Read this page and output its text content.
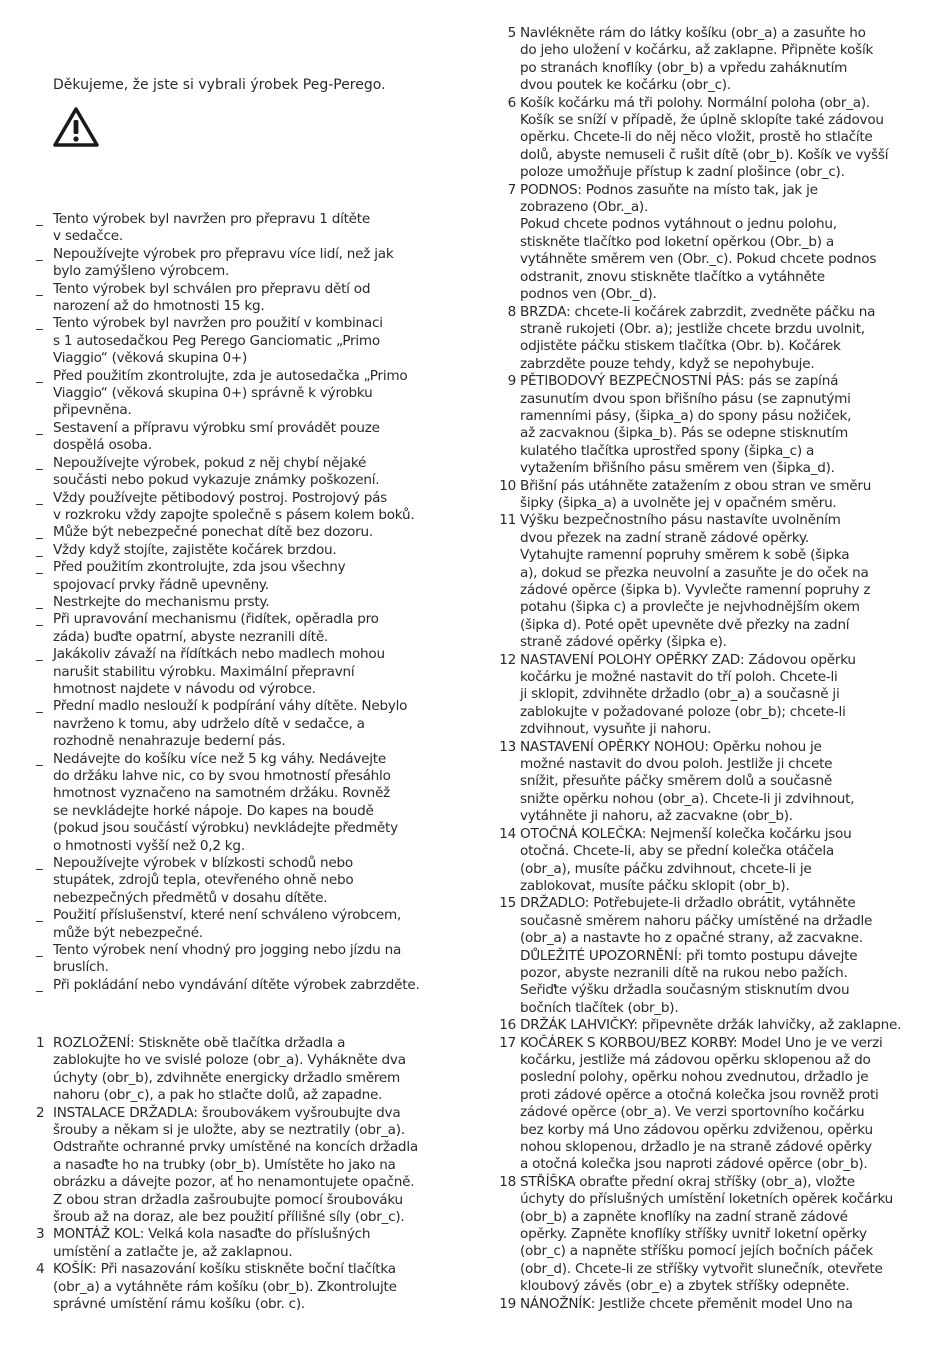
Děkujeme, že jste si vybrali ýrobek Peg-Perego.
_ Tento výrobek byl navržen pro přepravu 1 dítěte
v sedačce.
_ Nepoužívejte výrobek pro přepravu více lidí, než jak
bylo zamýšleno výrobcem.
_ Tento výrobek byl schválen pro přepravu dětí od
narození až do hmotnosti 15 kg.
_ Tento výrobek byl navržen pro použití v kombinaci
s 1 autosedačkou Peg Perego Ganciomatic „Primo
Viaggio“ (věková skupina 0+)
_ Před použitím zkontrolujte, zda je autosedačka „Primo
Viaggio“ (věková skupina 0+) správně k výrobku
připevněna.
_ Sestavení a přípravu výrobku smí provádět pouze
dospělá osoba.
_ Nepoužívejte výrobek, pokud z něj chybí nějaké
součásti nebo pokud vykazuje známky poškození.
_ Vždy používejte pětibodový postroj. Postrojový pás
v rozkroku vždy zapojte společně s pásem kolem boků.
_ Může být nebezpečné ponechat dítě bez dozoru.
_ Vždy když stojíte, zajistěte kočárek brzdou.
_ Před použitím zkontrolujte, zda jsou všechny
spojovací prvky řádně upevněny.
_ Nestrkejte do mechanismu prsty.
_ Při upravování mechanismu (řidítek, opěradla pro
záda) buďte opatrní, abyste nezranili dítě.
_ Jakákoliv závaží na řídítkách nebo madlech mohou
narušit stabilitu výrobku. Maximální přepravní
hmotnost najdete v návodu od výrobce.
_ Přední madlo neslouží k podpírání váhy dítěte. Nebylo
navrženo k tomu, aby udrželo dítě v sedačce, a
rozhodně nenahrazuje bederní pás.
_ Nedávejte do košíku více než 5 kg váhy. Nedávejte
do držáku lahve nic, co by svou hmotností přesáhlo
hmotnost vyznačeno na samotném držáku. Rovněž
se nevkládejte horké nápoje. Do kapes na boudě
(pokud jsou součástí výrobku) nevkládejte předměty
o hmotnosti vyšší než 0,2 kg.
_ Nepoužívejte výrobek v blízkosti schodů nebo
stupátek, zdrojů tepla, otevřeného ohně nebo
nebezpečných předmětů v dosahu dítěte.
_ Použití příslušenství, které není schváleno výrobcem,
může být nebezpečné.
_ Tento výrobek není vhodný pro jogging nebo jízdu na
bruslích.
_ Při pokládání nebo vyndávání dítěte výrobek zabrzděte.
1 ROZLOŽENÍ: Stiskněte obě tlačítka držadla a
zablokujte ho ve svislé poloze (obr_a). Vyhákněte dva
úchyty (obr_b), zdvihněte energicky držadlo směrem
nahoru (obr_c), a pak ho stlačte dolů, až zapadne.
2 INSTALACE DRŽADLA: šroubovákem vyšroubujte dva
šrouby a někam si je uložte, aby se neztratily (obr_a).
Odstraňte ochranné prvky umístěné na koncích držadla
a nasaďte ho na trubky (obr_b). Umístěte ho jako na
obrázku a dávejte pozor, ať ho nenamontujete opačně.
Z obou stran držadla zašroubujte pomocí šroubováku
šroub až na doraz, ale bez použití přílišné síly (obr_c).
3 MONTÁŽ KOL: Velká kola nasaďte do příslušných
umístění a zatlačte je, až zaklapnou.
4 KOŠÍK: Při nasazování košíku stiskněte boční tlačítka
(obr_a) a vytáhněte rám košíku (obr_b). Zkontrolujte
správné umístění rámu košíku (obr. c).
5 Navlékněte rám do látky košíku (obr_a) a zasuňte ho
do jeho uložení v kočárku, až zaklapne. Připněte košík
po stranách knoflíky (obr_b) a vpředu zaháknutím
dvou poutek ke kočárku (obr_c).
6 Košík kočárku má tři polohy. Normální poloha (obr_a).
Košík se sníží v případě, že úplně sklopíte také zádovou
opěrku. Chcete-li do něj něco vložit, prostě ho stlačíte
dolů, abyste nemuseli č rušit dítě (obr_b). Košík ve vyšší
poloze umožňuje přístup k zadní plošince (obr_c).
7 PODNOS: Podnos zasuňte na místo tak, jak je
zobrazeno (Obr._a).
Pokud chcete podnos vytáhnout o jednu polohu,
stiskněte tlačítko pod loketní opěrkou (Obr._b) a
vytáhněte směrem ven (Obr._c). Pokud chcete podnos
odstranit, znovu stiskněte tlačítko a vytáhněte
podnos ven (Obr._d).
8 BRZDA: chcete-li kočárek zabrzdit, zvedněte páčku na
straně rukojeti (Obr. a); jestliže chcete brzdu uvolnit,
odjistěte páčku stiskem tlačítka (Obr. b). Kočárek
zabrzděte pouze tehdy, když se nepohybuje.
9 PĚTIBODOVÝ BEZPEČNOSTNÍ PÁS: pás se zapíná
zasunutím dvou spon břišního pásu (se zapnutými
ramenními pásy, (šipka_a) do spony pásu nožiček,
až zacvaknou (šipka_b). Pás se odepne stisknutím
kulatého tlačítka uprostřed spony (šipka_c) a
vytažením břišního pásu směrem ven (šipka_d).
10 Břišní pás utáhněte zatažením z obou stran ve směru
šipky (šipka_a) a uvolněte jej v opačném směru.
11 Výšku bezpečnostního pásu nastavíte uvolněním
dvou přezek na zadní straně zádové opěrky.
Vytahujte ramenní popruhy směrem k sobě (šipka
a), dokud se přezka neuvolní a zasuňte je do oček na
zádové opěrce (šipka b). Vyvlečte ramenní popruhy z
potahu (šipka c) a provlečte je nejvhodnějším okem
(šipka d). Poté opět upevněte dvě přezky na zadní
straně zádové opěrky (šipka e).
12 NASTAVENÍ POLOHY OPĚRKY ZAD: Zádovou opěrku
kočárku je možné nastavit do tří poloh. Chcete-li
ji sklopit, zdvihněte držadlo (obr_a) a současně ji
zablokujte v požadované poloze (obr_b); chcete-li
zdvihnout, vysuňte ji nahoru.
13 NASTAVENÍ OPĚRKY NOHOU: Opěrku nohou je
možné nastavit do dvou poloh. Jestliže ji chcete
snížit, přesuňte páčky směrem dolů a současně
snižte opěrku nohou (obr_a). Chcete-li ji zdvihnout,
vytáhněte ji nahoru, až zacvakne (obr_b).
14 OTOČNÁ KOLEČKA: Nejmenší kolečka kočárku jsou
otočná. Chcete-li, aby se přední kolečka otáčela
(obr_a), musíte páčku zdvihnout, chcete-li je
zablokovat, musíte páčku sklopit (obr_b).
15 DRŽADLO: Potřebujete-li držadlo obrátit, vytáhněte
současně směrem nahoru páčky umístěné na držadle
(obr_a) a nastavte ho z opačné strany, až zacvakne.
DŮLEŽITÉ UPOZORNĚNÍ: při tomto postupu dávejte
pozor, abyste nezranili dítě na rukou nebo pažích.
Seřiďte výšku držadla současným stisknutím dvou
bočních tlačítek (obr_b).
16 DRŽÁK LAHVIČKY: připevněte držák lahvičky, až zaklapne.
17 KOČÁREK S KORBOU/BEZ KORBY: Model Uno je ve verzi
kočárku, jestliže má zádovou opěrku sklopenou až do
poslední polohy, opěrku nohou zvednutou, držadlo je
proti zádové opěrce a otočná kolečka jsou rovněž proti
zádové opěrce (obr_a). Ve verzi sportovního kočárku
bez korby má Uno zádovou opěrku zdviženou, opěrku
nohou sklopenou, držadlo je na straně zádové opěrky
a otočná kolečka jsou naproti zádové opěrce (obr_b).
18 STŘÍŠKA obraťte přední okraj stříšky (obr_a), vložte
úchyty do příslušných umístění loketních opěrek kočárku
(obr_b) a zapněte knoflíky na zadní straně zádové
opěrky. Zapněte knoflíky stříšky uvnitř loketní opěrky
(obr_c) a napněte stříšku pomocí jejích bočních páček
(obr_d). Chcete-li ze stříšky vytvořit slunečník, otevřete
kloubový závěs (obr_e) a zbytek stříšky odepněte.
19 NÁNOŽNÍK: Jestliže chcete přeměnit model Uno na
